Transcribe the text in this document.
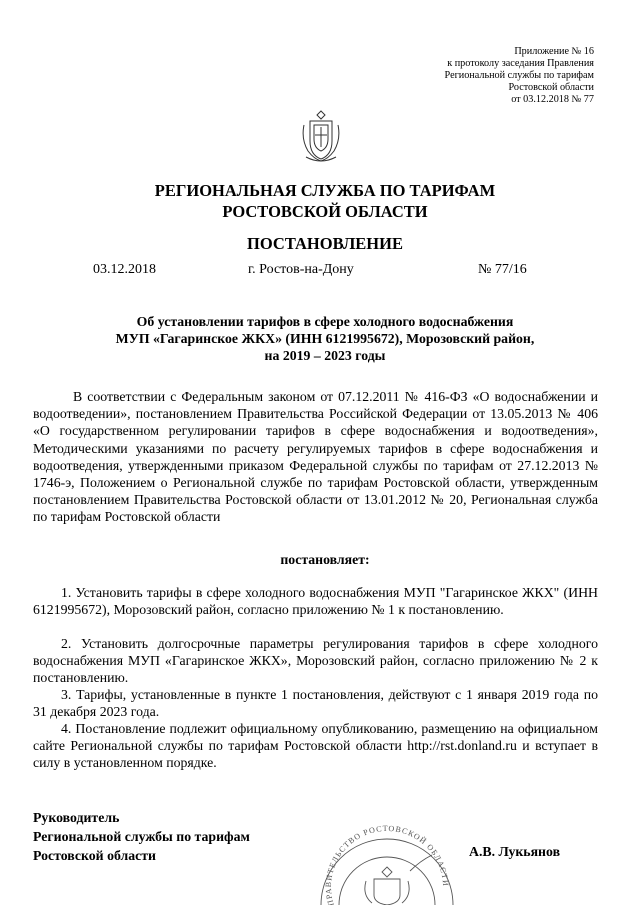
Приложение № 16
к протоколу заседания Правления
Региональной службы по тарифам
Ростовской области
от 03.12.2018 № 77
РЕГИОНАЛЬНАЯ СЛУЖБА ПО ТАРИФАМ
РОСТОВСКОЙ ОБЛАСТИ
ПОСТАНОВЛЕНИЕ
03.12.2018	г. Ростов-на-Дону	№ 77/16
Об установлении тарифов в сфере холодного водоснабжения
МУП «Гагаринское ЖКХ» (ИНН 6121995672), Морозовский район,
на 2019 – 2023 годы

В соответствии с Федеральным законом от 07.12.2011 № 416-ФЗ «О водоснабжении и водоотведении», постановлением Правительства Российской Федерации от 13.05.2013 № 406 «О государственном регулировании тарифов в сфере водоснабжения и водоотведения», Методическими указаниями по расчету регулируемых тарифов в сфере водоснабжения и водоотведения, утвержденными приказом Федеральной службы по тарифам от 27.12.2013 № 1746-э, Положением о Региональной службе по тарифам Ростовской области, утвержденным постановлением Правительства Ростовской области от 13.01.2012 № 20, Региональная служба по тарифам Ростовской области

постановляет:

1. Установить тарифы в сфере холодного водоснабжения МУП "Гагаринское ЖКХ" (ИНН 6121995672), Морозовский район, согласно приложению № 1 к постановлению.

2. Установить долгосрочные параметры регулирования тарифов в сфере холодного водоснабжения МУП «Гагаринское ЖКХ», Морозовский район, согласно приложению № 2 к постановлению.

3. Тарифы, установленные в пункте 1 постановления, действуют с 1 января 2019 года по 31 декабря 2023 года.

4. Постановление подлежит официальному опубликованию, размещению на официальном сайте Региональной службы по тарифам Ростовской области http://rst.donland.ru и вступает в силу в установленном порядке.

Руководитель
Региональной службы по тарифам
Ростовской области
ПРАВИТЕЛЬСТВО РОСТОВСКОЙ ОБЛАСТИ
А.В. Лукьянов
